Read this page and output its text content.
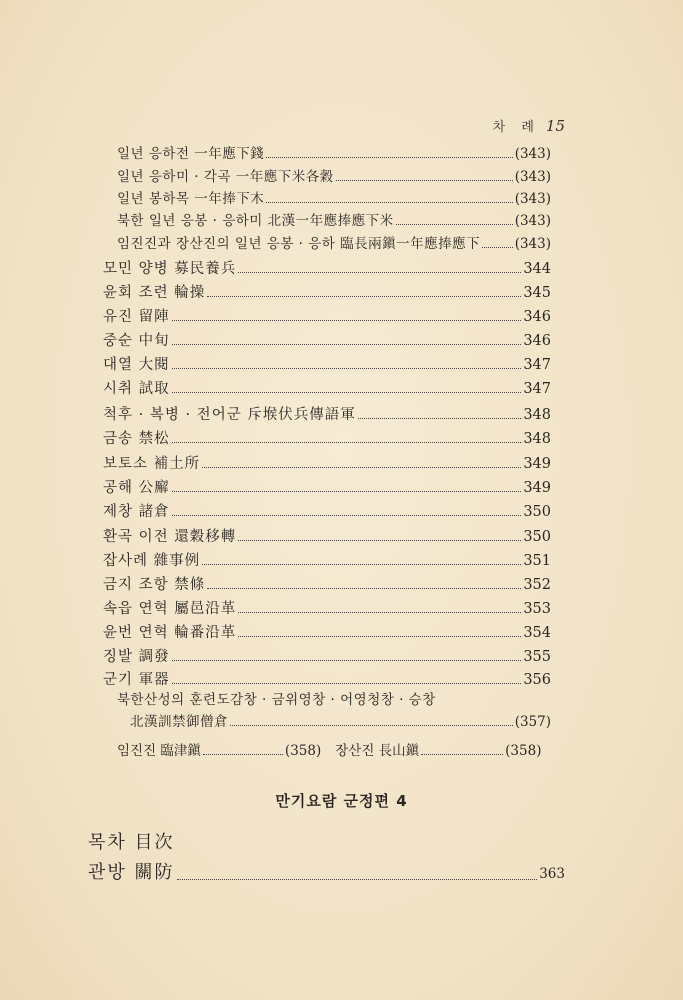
차 례 15
일년 응하전 一年應下錢	(343)
일년 응하미 · 각곡 一年應下米各穀	(343)
일년 봉하목 一年捧下木	(343)
북한 일년 응봉 · 응하미 北漢一年應捧應下米	(343)
임진진과 장산진의 일년 응봉 · 응하 臨長兩鎭一年應捧應下	(343)
모민 양병 募民養兵	344
윤회 조련 輪操	345
유진 留陣	346
중순 中旬	346
대열 大閱	347
시취 試取	347
척후 · 복병 · 전어군 斥堠伏兵傳語軍	348
금송 禁松	348
보토소 補土所	349
공해 公廨	349
제창 諸倉	350
환곡 이전 還穀移轉	350
잡사례 雜事例	351
금지 조항 禁條	352
속읍 연혁 屬邑沿革	353
윤번 연혁 輪番沿革	354
징발 調發	355
군기 軍器	356
북한산성의 훈련도감창 · 금위영창 · 어영청창 · 승창
北漢訓禁御僧倉	(357)
임진진 臨津鎭	(358) 장산진 長山鎭	(358)
만기요람 군정편 4
목차 目次
관방 關防	363
